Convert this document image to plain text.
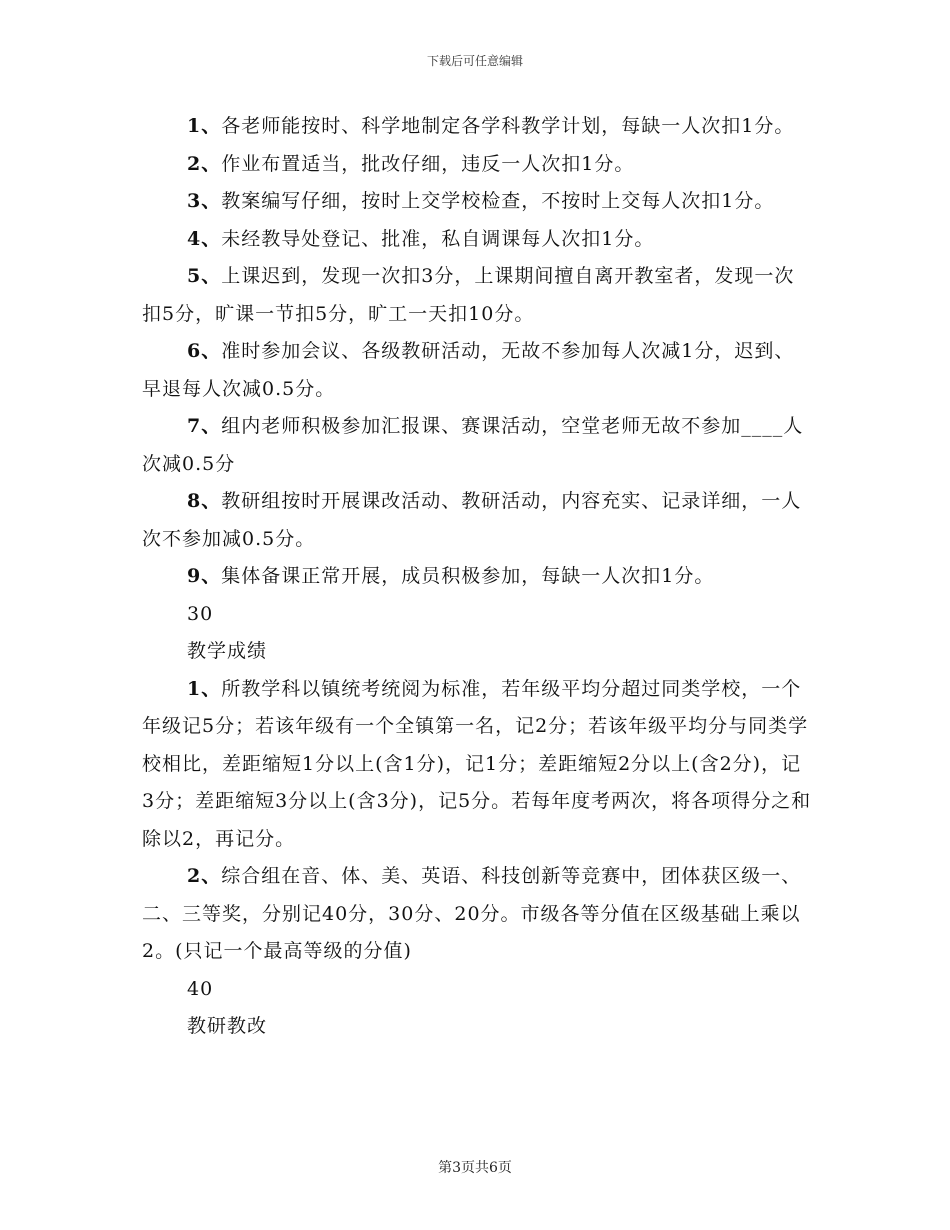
下载后可任意编辑

1、各老师能按时、科学地制定各学科教学计划，每缺一人次扣1分。

2、作业布置适当，批改仔细，违反一人次扣1分。

3、教案编写仔细，按时上交学校检查，不按时上交每人次扣1分。

4、未经教导处登记、批准，私自调课每人次扣1分。

5、上课迟到，发现一次扣3分，上课期间擅自离开教室者，发现一次扣5分，旷课一节扣5分，旷工一天扣10分。

6、准时参加会议、各级教研活动，无故不参加每人次减1分，迟到、早退每人次减0.5分。

7、组内老师积极参加汇报课、赛课活动，空堂老师无故不参加____人次减0.5分

8、教研组按时开展课改活动、教研活动，内容充实、记录详细，一人次不参加减0.5分。

9、集体备课正常开展，成员积极参加，每缺一人次扣1分。

30

教学成绩

1、所教学科以镇统考统阅为标准，若年级平均分超过同类学校，一个年级记5分；若该年级有一个全镇第一名，记2分；若该年级平均分与同类学校相比，差距缩短1分以上(含1分)，记1分；差距缩短2分以上(含2分)，记3分；差距缩短3分以上(含3分)，记5分。若每年度考两次，将各项得分之和除以2，再记分。

2、综合组在音、体、美、英语、科技创新等竞赛中，团体获区级一、二、三等奖，分别记40分，30分、20分。市级各等分值在区级基础上乘以2。(只记一个最高等级的分值)

40

教研教改

第3页共6页
